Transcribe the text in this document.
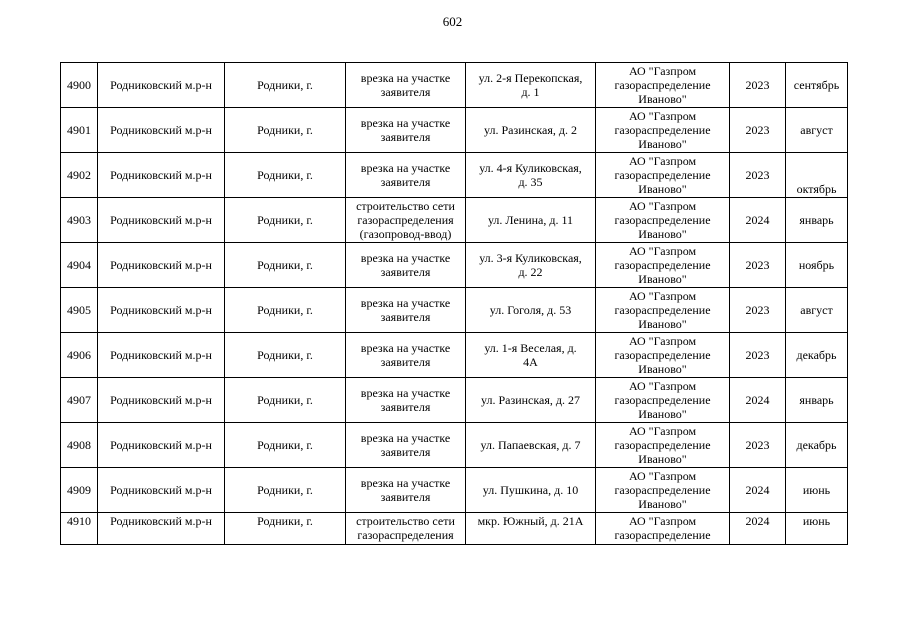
602
4900	Родниковский м.р-н	Родники, г.	врезка на участке
заявителя	ул. 2-я Перекопская,
д. 1	АО "Газпром
газораспределение
Иваново"	2023	сентябрь
4901	Родниковский м.р-н	Родники, г.	врезка на участке
заявителя	ул. Разинская, д. 2	АО "Газпром
газораспределение
Иваново"	2023	август
4902	Родниковский м.р-н	Родники, г.	врезка на участке
заявителя	ул. 4-я Куликовская,
д. 35	АО "Газпром
газораспределение
Иваново"	2023	октябрь
4903	Родниковский м.р-н	Родники, г.	строительство сети
газораспределения
(газопровод-ввод)	ул. Ленина, д. 11	АО "Газпром
газораспределение
Иваново"	2024	январь
4904	Родниковский м.р-н	Родники, г.	врезка на участке
заявителя	ул. 3-я Куликовская,
д. 22	АО "Газпром
газораспределение
Иваново"	2023	ноябрь
4905	Родниковский м.р-н	Родники, г.	врезка на участке
заявителя	ул. Гоголя, д. 53	АО "Газпром
газораспределение
Иваново"	2023	август
4906	Родниковский м.р-н	Родники, г.	врезка на участке
заявителя	ул. 1-я Веселая, д.
4А	АО "Газпром
газораспределение
Иваново"	2023	декабрь
4907	Родниковский м.р-н	Родники, г.	врезка на участке
заявителя	ул. Разинская, д. 27	АО "Газпром
газораспределение
Иваново"	2024	январь
4908	Родниковский м.р-н	Родники, г.	врезка на участке
заявителя	ул. Папаевская, д. 7	АО "Газпром
газораспределение
Иваново"	2023	декабрь
4909	Родниковский м.р-н	Родники, г.	врезка на участке
заявителя	ул. Пушкина, д. 10	АО "Газпром
газораспределение
Иваново"	2024	июнь
4910	Родниковский м.р-н	Родники, г.	строительство сети
газораспределения	мкр. Южный, д. 21А	АО "Газпром
газораспределение	2024	июнь
